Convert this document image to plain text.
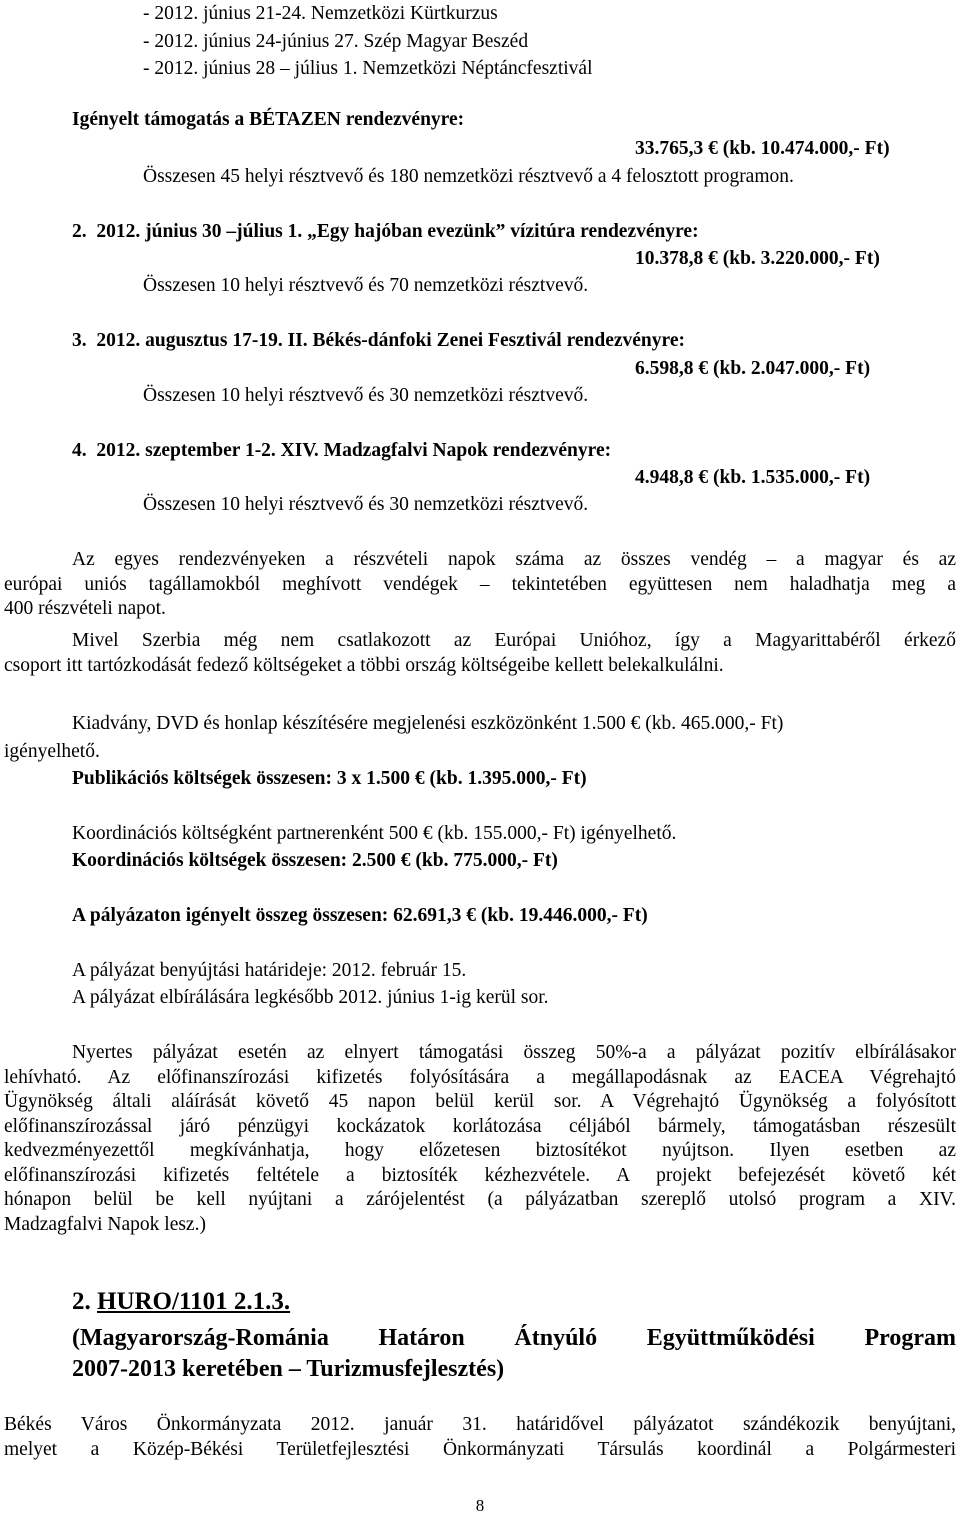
- 2012. június 21-24. Nemzetközi Kürtkurzus
- 2012. június 24-június 27. Szép Magyar Beszéd
- 2012. június 28 – július 1. Nemzetközi Néptáncfesztivál
Igényelt támogatás a BÉTAZEN rendezvényre:
33.765,3 € (kb. 10.474.000,- Ft)
Összesen 45 helyi résztvevő és 180 nemzetközi résztvevő a 4 felosztott programon.
2.  2012. június 30 –július 1. „Egy hajóban evezünk” vízitúra rendezvényre:
10.378,8 € (kb. 3.220.000,- Ft)
Összesen 10 helyi résztvevő és 70 nemzetközi résztvevő.
3.  2012. augusztus 17-19. II. Békés-dánfoki Zenei Fesztivál rendezvényre:
6.598,8 € (kb. 2.047.000,- Ft)
Összesen 10 helyi résztvevő és 30 nemzetközi résztvevő.
4.  2012. szeptember 1-2. XIV. Madzagfalvi Napok rendezvényre:
4.948,8 € (kb. 1.535.000,- Ft)
Összesen 10 helyi résztvevő és 30 nemzetközi résztvevő.
Az egyes rendezvényeken a részvételi napok száma az összes vendég – a magyar és az
európai uniós tagállamokból meghívott vendégek – tekintetében együttesen nem haladhatja meg a
400 részvételi napot.
Mivel Szerbia még nem csatlakozott az Európai Unióhoz, így a Magyarittabéről érkező
csoport itt tartózkodását fedező költségeket a többi ország költségeibe kellett belekalkulálni.
Kiadvány, DVD és honlap készítésére megjelenési eszközönként 1.500 € (kb. 465.000,- Ft)
igényelhető.
Publikációs költségek összesen: 3 x 1.500 € (kb. 1.395.000,- Ft)
Koordinációs költségként partnerenként 500 € (kb. 155.000,- Ft) igényelhető.
Koordinációs költségek összesen: 2.500 € (kb. 775.000,- Ft)
A pályázaton igényelt összeg összesen: 62.691,3 € (kb. 19.446.000,- Ft)
A pályázat benyújtási határideje: 2012. február 15.
A pályázat elbírálására legkésőbb 2012. június 1-ig kerül sor.
Nyertes pályázat esetén az elnyert támogatási összeg 50%-a a pályázat pozitív elbírálásakor
lehívható. Az előfinanszírozási kifizetés folyósítására a megállapodásnak az EACEA Végrehajtó
Ügynökség általi aláírását követő 45 napon belül kerül sor. A Végrehajtó Ügynökség a folyósított
előfinanszírozással járó pénzügyi kockázatok korlátozása céljából bármely, támogatásban részesült
kedvezményezettől megkívánhatja, hogy előzetesen biztosítékot nyújtson. Ilyen esetben az
előfinanszírozási kifizetés feltétele a biztosíték kézhezvétele. A projekt befejezését követő két
hónapon belül be kell nyújtani a zárójelentést (a pályázatban szereplő utolsó program a XIV.
Madzagfalvi Napok lesz.)
2. HURO/1101 2.1.3.
(Magyarország-Románia Határon Átnyúló Együttműködési Program
2007-2013 keretében – Turizmusfejlesztés)
Békés Város Önkormányzata 2012. január 31. határidővel pályázatot szándékozik benyújtani,
melyet a Közép-Békési Területfejlesztési Önkormányzati Társulás koordinál a Polgármesteri
8
